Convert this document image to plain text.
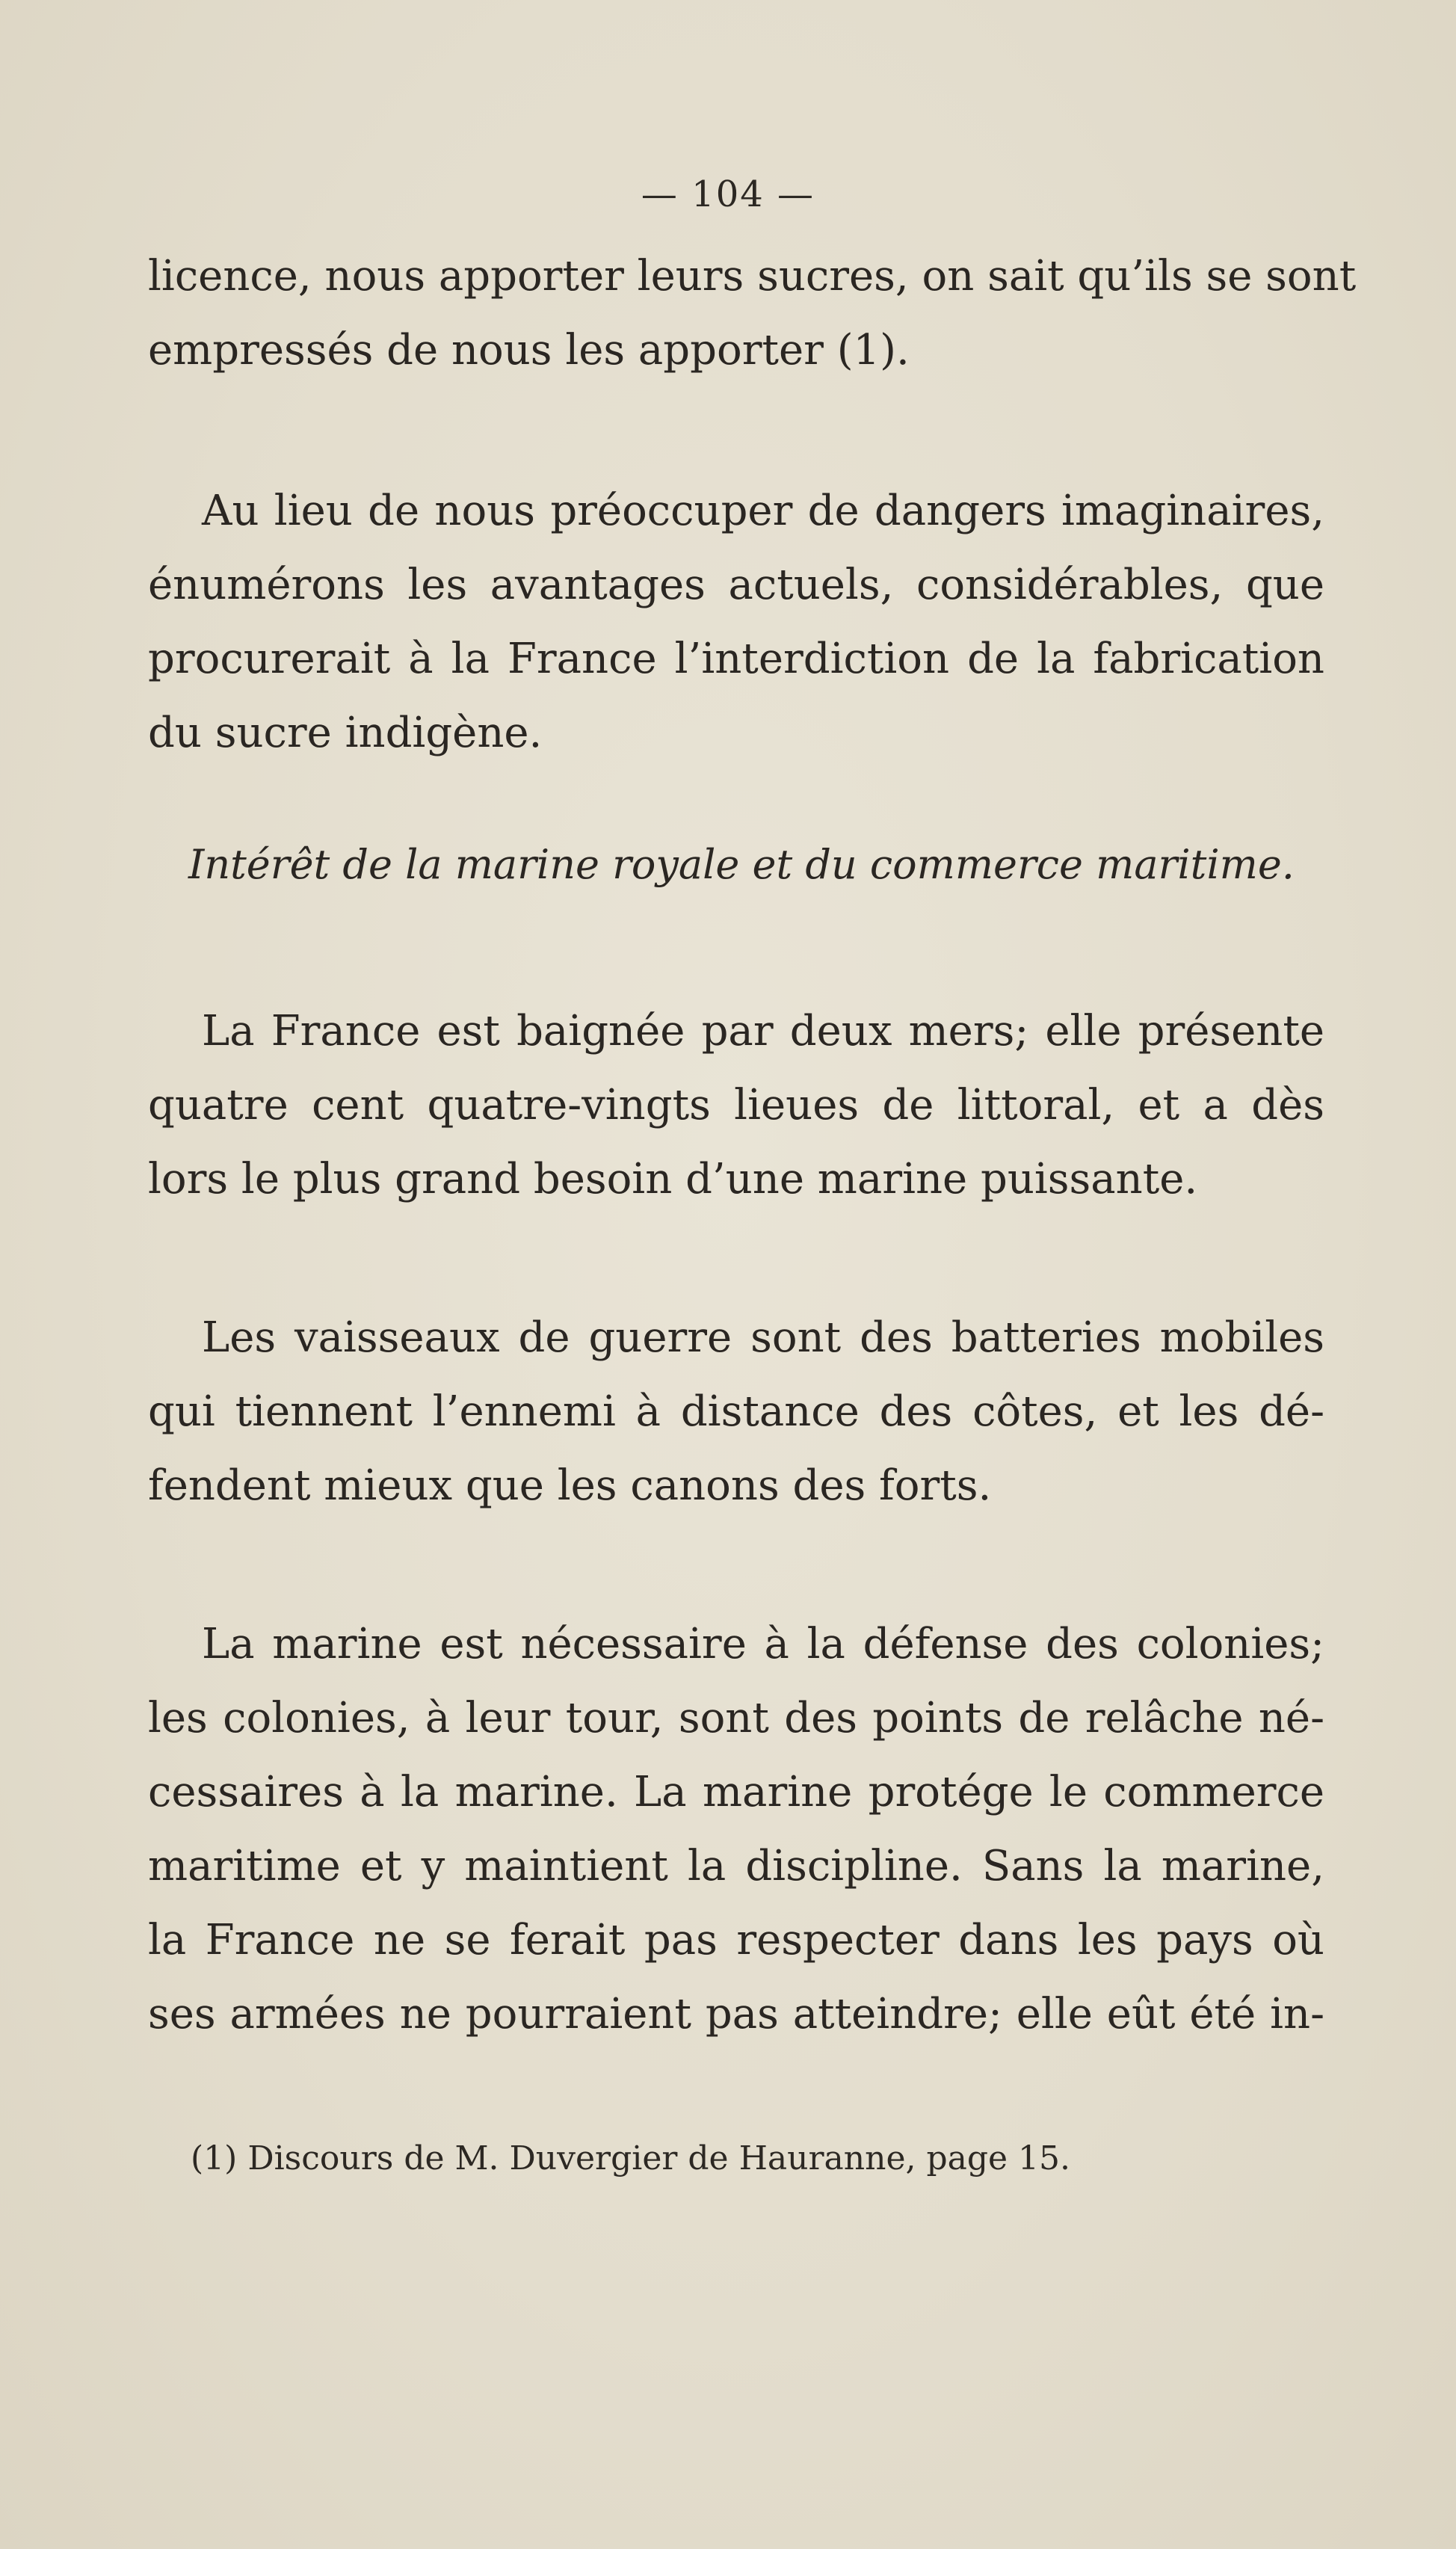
— 104 —
licence, nous apporter leurs sucres, on sait qu’ils se sont
empressés de nous les apporter (1).
Au lieu de nous préoccuper de dangers imaginaires,
énumérons les avantages actuels, considérables, que
procurerait à la France l’interdiction de la fabrication
du sucre indigène.
Intérêt de la marine royale et du commerce maritime.
La France est baignée par deux mers; elle présente
quatre cent quatre-vingts lieues de littoral, et a dès
lors le plus grand besoin d’une marine puissante.
Les vaisseaux de guerre sont des batteries mobiles
qui tiennent l’ennemi à distance des côtes, et les dé-
fendent mieux que les canons des forts.
La marine est nécessaire à la défense des colonies;
les colonies, à leur tour, sont des points de relâche né-
cessaires à la marine. La marine protége le commerce
maritime et y maintient la discipline. Sans la marine,
la France ne se ferait pas respecter dans les pays où
ses armées ne pourraient pas atteindre; elle eût été in-
(1) Discours de M. Duvergier de Hauranne, page 15.
